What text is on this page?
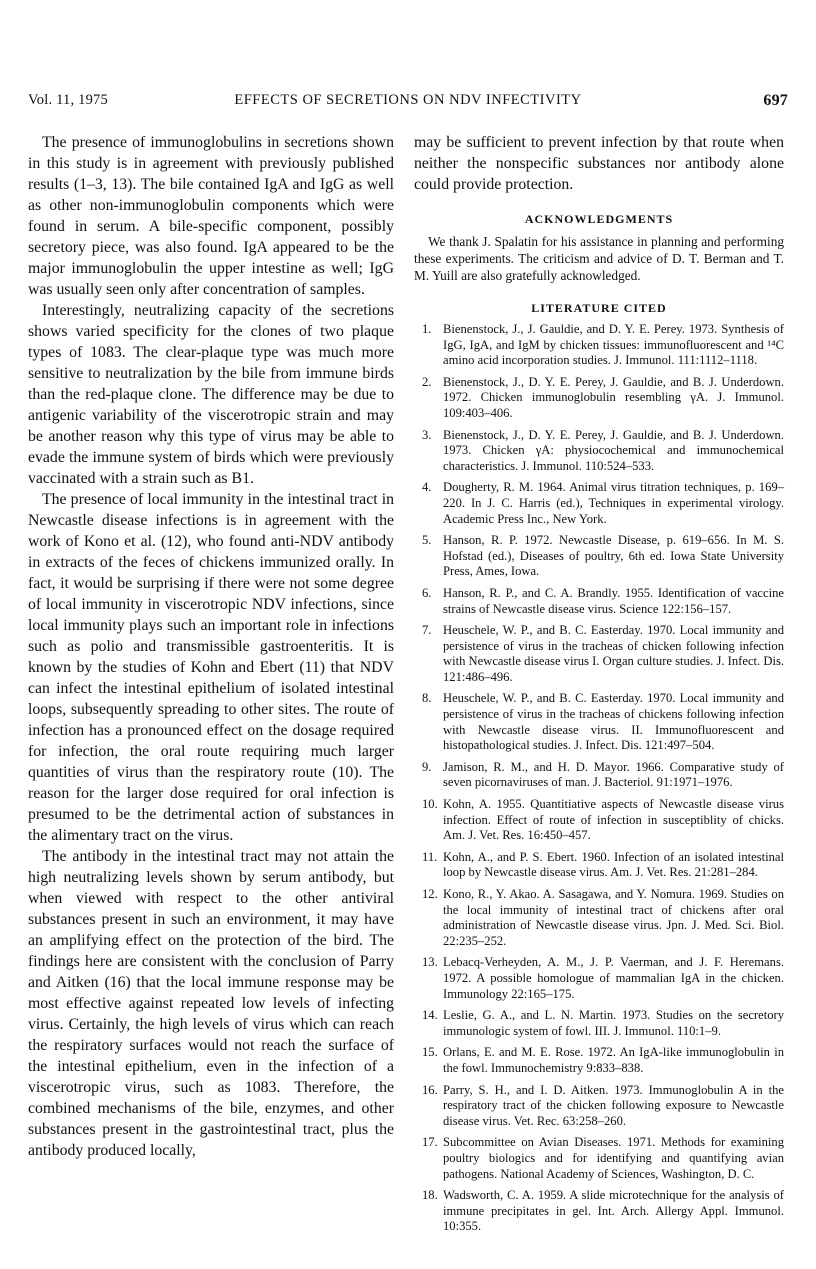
Vol. 11, 1975	EFFECTS OF SECRETIONS ON NDV INFECTIVITY	697

The presence of immunoglobulins in secretions shown in this study is in agreement with previously published results (1–3, 13). The bile contained IgA and IgG as well as other non-immunoglobulin components which were found in serum. A bile-specific component, possibly secretory piece, was also found. IgA appeared to be the major immunoglobulin the upper intestine as well; IgG was usually seen only after concentration of samples.

Interestingly, neutralizing capacity of the secretions shows varied specificity for the clones of two plaque types of 1083. The clear-plaque type was much more sensitive to neutralization by the bile from immune birds than the red-plaque clone. The difference may be due to antigenic variability of the viscerotropic strain and may be another reason why this type of virus may be able to evade the immune system of birds which were previously vaccinated with a strain such as B1.

The presence of local immunity in the intestinal tract in Newcastle disease infections is in agreement with the work of Kono et al. (12), who found anti-NDV antibody in extracts of the feces of chickens immunized orally. In fact, it would be surprising if there were not some degree of local immunity in viscerotropic NDV infections, since local immunity plays such an important role in infections such as polio and transmissible gastroenteritis. It is known by the studies of Kohn and Ebert (11) that NDV can infect the intestinal epithelium of isolated intestinal loops, subsequently spreading to other sites. The route of infection has a pronounced effect on the dosage required for infection, the oral route requiring much larger quantities of virus than the respiratory route (10). The reason for the larger dose required for oral infection is presumed to be the detrimental action of substances in the alimentary tract on the virus.

The antibody in the intestinal tract may not attain the high neutralizing levels shown by serum antibody, but when viewed with respect to the other antiviral substances present in such an environment, it may have an amplifying effect on the protection of the bird. The findings here are consistent with the conclusion of Parry and Aitken (16) that the local immune response may be most effective against repeated low levels of infecting virus. Certainly, the high levels of virus which can reach the respiratory surfaces would not reach the surface of the intestinal epithelium, even in the infection of a viscerotropic virus, such as 1083. Therefore, the combined mechanisms of the bile, enzymes, and other substances present in the gastrointestinal tract, plus the antibody produced locally,

may be sufficient to prevent infection by that route when neither the nonspecific substances nor antibody alone could provide protection.

ACKNOWLEDGMENTS

We thank J. Spalatin for his assistance in planning and performing these experiments. The criticism and advice of D. T. Berman and T. M. Yuill are also gratefully acknowledged.

LITERATURE CITED
1. Bienenstock, J., J. Gauldie, and D. Y. E. Perey. 1973. Synthesis of IgG, IgA, and IgM by chicken tissues: immunofluorescent and ¹⁴C amino acid incorporation studies. J. Immunol. 111:1112–1118.
2. Bienenstock, J., D. Y. E. Perey, J. Gauldie, and B. J. Underdown. 1972. Chicken immunoglobulin resembling γA. J. Immunol. 109:403–406.
3. Bienenstock, J., D. Y. E. Perey, J. Gauldie, and B. J. Underdown. 1973. Chicken γA: physiocochemical and immunochemical characteristics. J. Immunol. 110:524–533.
4. Dougherty, R. M. 1964. Animal virus titration techniques, p. 169–220. In J. C. Harris (ed.), Techniques in experimental virology. Academic Press Inc., New York.
5. Hanson, R. P. 1972. Newcastle Disease, p. 619–656. In M. S. Hofstad (ed.), Diseases of poultry, 6th ed. Iowa State University Press, Ames, Iowa.
6. Hanson, R. P., and C. A. Brandly. 1955. Identification of vaccine strains of Newcastle disease virus. Science 122:156–157.
7. Heuschele, W. P., and B. C. Easterday. 1970. Local immunity and persistence of virus in the tracheas of chicken following infection with Newcastle disease virus I. Organ culture studies. J. Infect. Dis. 121:486–496.
8. Heuschele, W. P., and B. C. Easterday. 1970. Local immunity and persistence of virus in the tracheas of chickens following infection with Newcastle disease virus. II. Immunofluorescent and histopathological studies. J. Infect. Dis. 121:497–504.
9. Jamison, R. M., and H. D. Mayor. 1966. Comparative study of seven picornaviruses of man. J. Bacteriol. 91:1971–1976.
10. Kohn, A. 1955. Quantitiative aspects of Newcastle disease virus infection. Effect of route of infection in susceptiblity of chicks. Am. J. Vet. Res. 16:450–457.
11. Kohn, A., and P. S. Ebert. 1960. Infection of an isolated intestinal loop by Newcastle disease virus. Am. J. Vet. Res. 21:281–284.
12. Kono, R., Y. Akao. A. Sasagawa, and Y. Nomura. 1969. Studies on the local immunity of intestinal tract of chickens after oral administration of Newcastle disease virus. Jpn. J. Med. Sci. Biol. 22:235–252.
13. Lebacq-Verheyden, A. M., J. P. Vaerman, and J. F. Heremans. 1972. A possible homologue of mammalian IgA in the chicken. Immunology 22:165–175.
14. Leslie, G. A., and L. N. Martin. 1973. Studies on the secretory immunologic system of fowl. III. J. Immunol. 110:1–9.
15. Orlans, E. and M. E. Rose. 1972. An IgA-like immunoglobulin in the fowl. Immunochemistry 9:833–838.
16. Parry, S. H., and I. D. Aitken. 1973. Immunoglobulin A in the respiratory tract of the chicken following exposure to Newcastle disease virus. Vet. Rec. 63:258–260.
17. Subcommittee on Avian Diseases. 1971. Methods for examining poultry biologics and for identifying and quantifying avian pathogens. National Academy of Sciences, Washington, D. C.
18. Wadsworth, C. A. 1959. A slide microtechnique for the analysis of immune precipitates in gel. Int. Arch. Allergy Appl. Immunol. 10:355.
